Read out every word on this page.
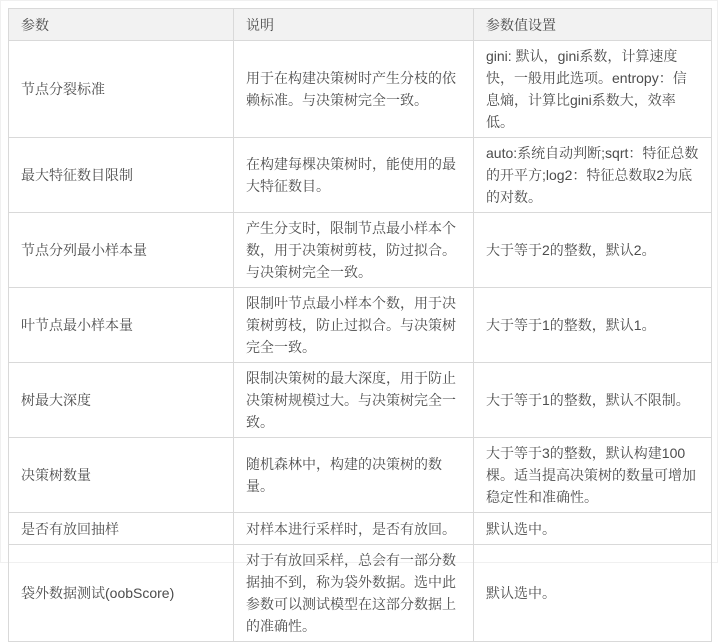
参数	说明	参数值设置
节点分裂标准	用于在构建决策树时产生分枝的依赖标准。与决策树完全一致。	gini: 默认，gini系数，计算速度快，一般用此选项。entropy：信息熵，计算比gini系数大，效率低。
最大特征数目限制	在构建每棵决策树时，能使用的最大特征数目。	auto:系统自动判断;sqrt：特征总数的开平方;log2：特征总数取2为底的对数。
节点分列最小样本量	产生分支时，限制节点最小样本个数，用于决策树剪枝，防过拟合。与决策树完全一致。	大于等于2的整数，默认2。
叶节点最小样本量	限制叶节点最小样本个数，用于决策树剪枝，防止过拟合。与决策树完全一致。	大于等于1的整数，默认1。
树最大深度	限制决策树的最大深度，用于防止决策树规模过大。与决策树完全一致。	大于等于1的整数，默认不限制。
决策树数量	随机森林中，构建的决策树的数量。	大于等于3的整数，默认构建100棵。适当提高决策树的数量可增加稳定性和准确性。
是否有放回抽样	对样本进行采样时，是否有放回。	默认选中。
袋外数据测试(oobScore)	对于有放回采样，总会有一部分数据抽不到，称为袋外数据。选中此参数可以测试模型在这部分数据上的准确性。	默认选中。
